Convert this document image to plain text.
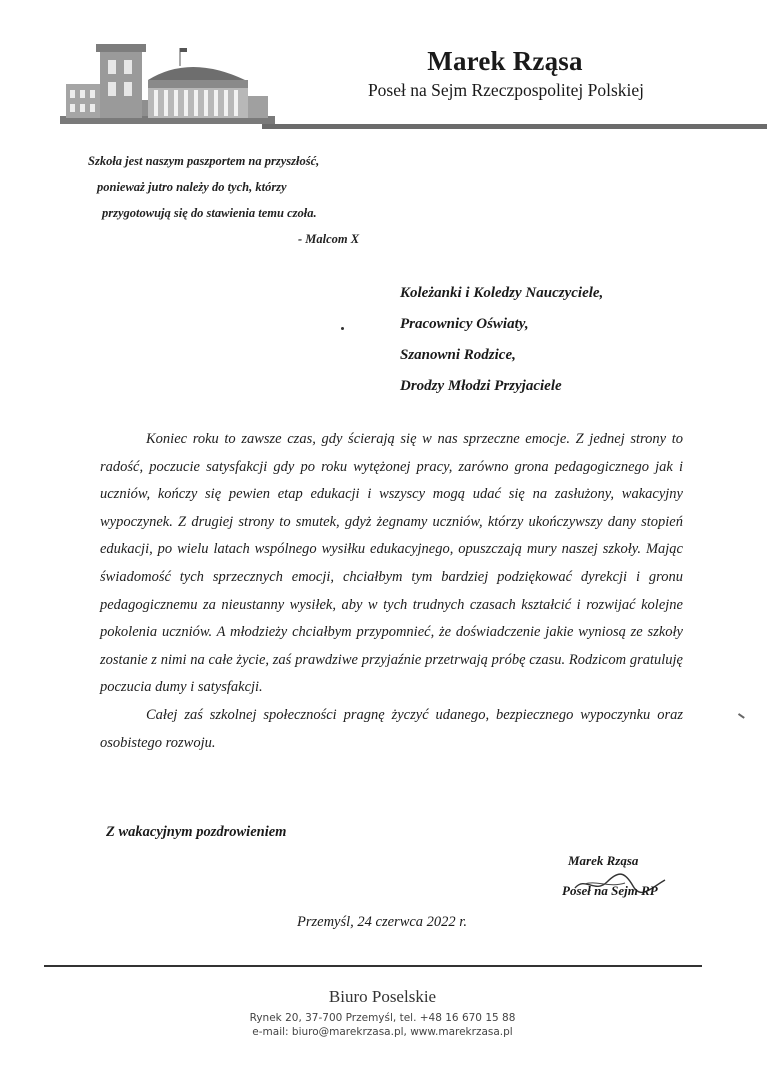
Marek Rząsa
Poseł na Sejm Rzeczpospolitej Polskiej
Szkoła jest naszym paszportem na przyszłość,
ponieważ jutro należy do tych, którzy
przygotowują się do stawienia temu czoła.
- Malcom X
Koleżanki i Koledzy Nauczyciele,
Pracownicy Oświaty,
Szanowni Rodzice,
Drodzy Młodzi Przyjaciele

Koniec roku to zawsze czas, gdy ścierają się w nas sprzeczne emocje. Z jednej strony to radość, poczucie satysfakcji gdy po roku wytężonej pracy, zarówno grona pedagogicznego jak i uczniów, kończy się pewien etap edukacji i wszyscy mogą udać się na zasłużony, wakacyjny wypoczynek. Z drugiej strony to smutek, gdyż żegnamy uczniów, którzy ukończywszy dany stopień edukacji, po wielu latach wspólnego wysiłku edukacyjnego, opuszczają mury naszej szkoły. Mając świadomość tych sprzecznych emocji, chciałbym tym bardziej podziękować dyrekcji i gronu pedagogicznemu za nieustanny wysiłek, aby w tych trudnych czasach kształcić i rozwijać kolejne pokolenia uczniów. A młodzieży chciałbym przypomnieć, że doświadczenie jakie wyniosą ze szkoły zostanie z nimi na całe życie, zaś prawdziwe przyjaźnie przetrwają próbę czasu. Rodzicom gratuluję poczucia dumy i satysfakcji.

Całej zaś szkolnej społeczności pragnę życzyć udanego, bezpiecznego wypoczynku oraz osobistego rozwoju.

Z wakacyjnym pozdrowieniem
Marek Rząsa
Poseł na Sejm RP
Przemyśl, 24 czerwca 2022 r.
Biuro Poselskie
Rynek 20, 37-700 Przemyśl, tel. +48 16 670 15 88
e-mail: biuro@marekrzasa.pl, www.marekrzasa.pl
